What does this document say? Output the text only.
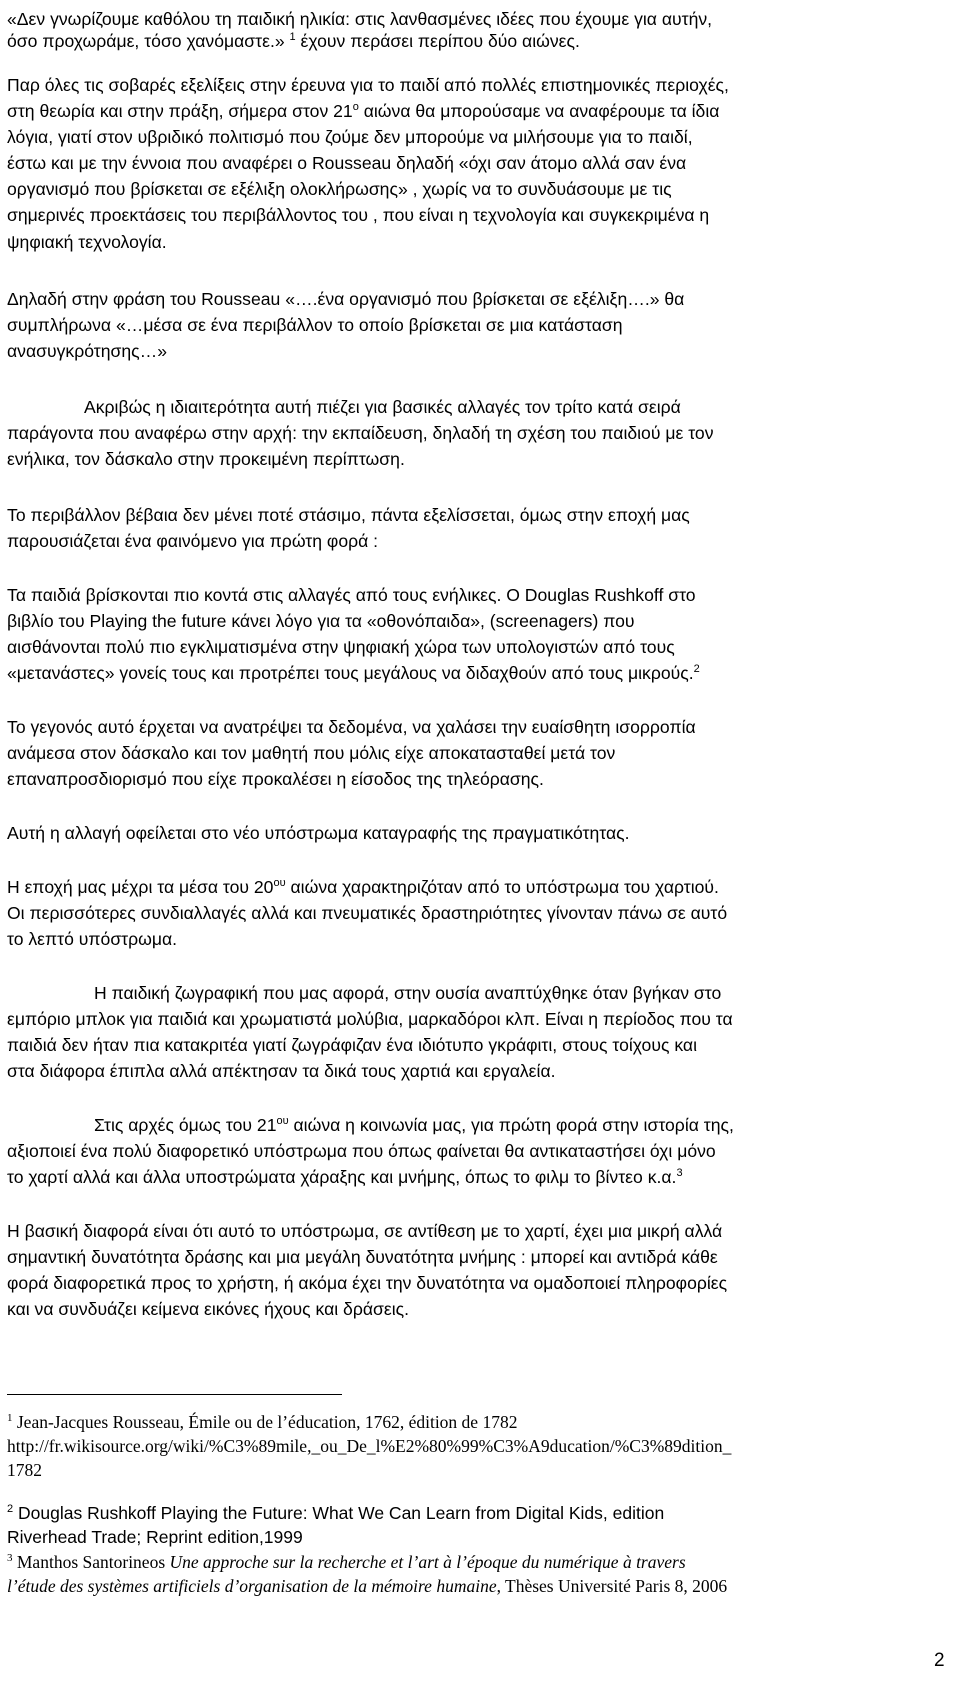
«Δεν γνωρίζουμε καθόλου τη παιδική ηλικία: στις λανθασμένες ιδέες που έχουμε για αυτήν,
όσο προχωράμε, τόσο χανόμαστε.» $^1$ έχουν περάσει περίπου δύο αιώνες.
Παρ όλες τις σοβαρές εξελίξεις στην έρευνα για το παιδί από πολλές επιστημονικές περιοχές,
στη θεωρία και στην πράξη, σήμερα στον $21^o$ αιώνα θα μπορούσαμε να αναφέρουμε τα ίδια
λόγια, γιατί στον υβριδικό πολιτισμό που ζούμε δεν μπορούμε να μιλήσουμε για το παιδί,
έστω και με την έννοια που αναφέρει ο Rousseau δηλαδή «όχι σαν άτομο αλλά σαν ένα
οργανισμό που βρίσκεται σε εξέλιξη ολοκλήρωσης» , χωρίς να το συνδυάσουμε με τις
σημερινές προεκτάσεις του περιβάλλοντος του , που είναι η τεχνολογία και συγκεκριμένα η
ψηφιακή τεχνολογία.
Δηλαδή στην φράση του Rousseau «….ένα οργανισμό που βρίσκεται σε εξέλιξη….» θα
συμπλήρωνα «…μέσα σε ένα περιβάλλον το οποίο βρίσκεται σε μια κατάσταση
ανασυγκρότησης…»
Ακριβώς η ιδιαιτερότητα αυτή πιέζει για βασικές αλλαγές τον τρίτο κατά σειρά
παράγοντα που αναφέρω στην αρχή: την εκπαίδευση, δηλαδή τη σχέση του παιδιού με τον
ενήλικα, τον δάσκαλο στην προκειμένη περίπτωση.
Το περιβάλλον βέβαια δεν μένει ποτέ στάσιμο, πάντα εξελίσσεται, όμως στην εποχή μας
παρουσιάζεται ένα φαινόμενο για πρώτη φορά :
Τα παιδιά βρίσκονται πιο κοντά στις αλλαγές από τους ενήλικες. O Douglas Rushkoff στο
βιβλίο του Playing the future κάνει λόγο για τα «οθονόπαιδα», (screenagers) που
αισθάνονται πολύ πιο εγκλιματισμένα στην ψηφιακή χώρα των υπολογιστών από τους
«μετανάστες» γονείς τους και προτρέπει τους μεγάλους να διδαχθούν από τους μικρούς.$^2$
Το γεγονός αυτό έρχεται να ανατρέψει τα δεδομένα, να χαλάσει την ευαίσθητη ισορροπία
ανάμεσα στον δάσκαλο και τον μαθητή που μόλις είχε αποκατασταθεί μετά τον
επαναπροσδιορισμό που είχε προκαλέσει η είσοδος της τηλεόρασης.
Αυτή η αλλαγή οφείλεται στο νέο υπόστρωμα καταγραφής της πραγματικότητας.
Η εποχή μας μέχρι τα μέσα του $20^{o\upsilon}$ αιώνα χαρακτηριζόταν από το υπόστρωμα του χαρτιού.
Οι περισσότερες συνδιαλλαγές αλλά και πνευματικές δραστηριότητες γίνονταν πάνω σε αυτό
το λεπτό υπόστρωμα.
Η παιδική ζωγραφική που μας αφορά, στην ουσία αναπτύχθηκε όταν βγήκαν στο
εμπόριο μπλοκ για παιδιά και χρωματιστά μολύβια, μαρκαδόροι κλπ. Είναι η περίοδος που τα
παιδιά δεν ήταν πια κατακριτέα γιατί ζωγράφιζαν ένα ιδιότυπο γκράφιτι, στους τοίχους και
στα διάφορα έπιπλα αλλά απέκτησαν τα δικά τους χαρτιά και εργαλεία.
Στις αρχές όμως του $21^{o\upsilon}$ αιώνα η κοινωνία μας, για πρώτη φορά στην ιστορία της,
αξιοποιεί ένα πολύ διαφορετικό υπόστρωμα που όπως φαίνεται θα αντικαταστήσει όχι μόνο
το χαρτί αλλά και άλλα υποστρώματα χάραξης και μνήμης, όπως το φιλμ το βίντεο κ.α.$^3$
Η βασική διαφορά είναι ότι αυτό το υπόστρωμα, σε αντίθεση με το χαρτί, έχει μια μικρή αλλά
σημαντική δυνατότητα δράσης και μια μεγάλη δυνατότητα μνήμης : μπορεί και αντιδρά κάθε
φορά διαφορετικά προς το χρήστη, ή ακόμα έχει την δυνατότητα να ομαδοποιεί πληροφορίες
και να συνδυάζει κείμενα εικόνες ήχους και δράσεις.
$^1$ Jean-Jacques Rousseau, Émile ou de l’éducation, 1762, édition de 1782
http://fr.wikisource.org/wiki/%C3%89mile,_ou_De_l%E2%80%99%C3%A9ducation/%C3%89dition_
1782
$^2$ Douglas Rushkoff Playing the Future: What We Can Learn from Digital Kids, edition
Riverhead Trade; Reprint edition,1999
$^3$ Manthos Santorineos Une approche sur la recherche et l’art à l’époque du numérique à travers
l’étude des systèmes artificiels d’organisation de la mémoire humaine, Thèses Université Paris 8, 2006
2
